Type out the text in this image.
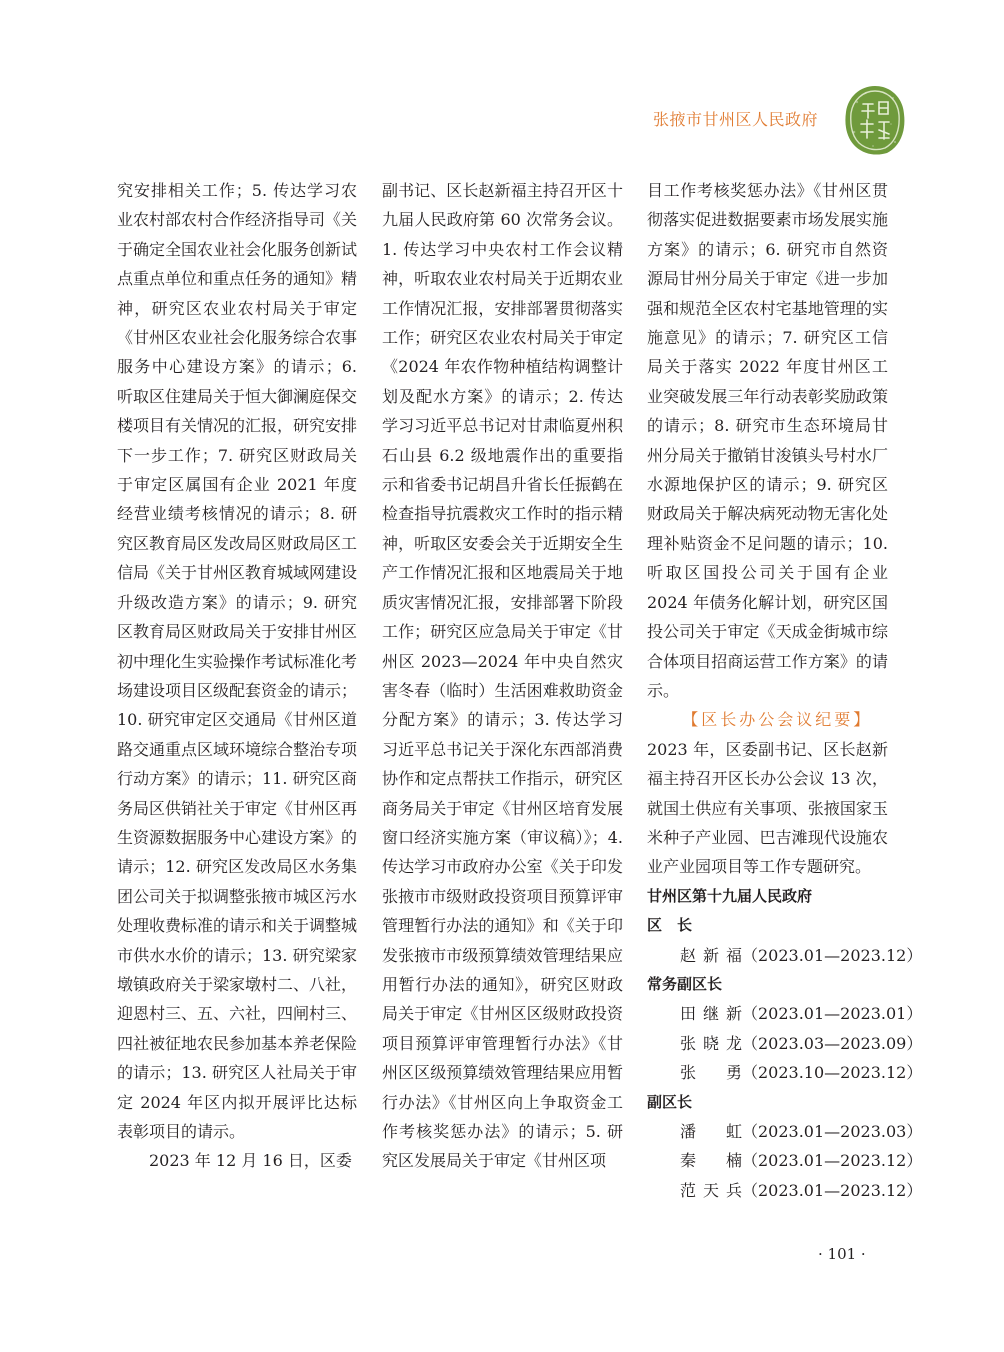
张掖市甘州区人民政府

究安排相关工作；5. 传达学习农业农村部农村合作经济指导司《关于确定全国农业社会化服务创新试点重点单位和重点任务的通知》精神，研究区农业农村局关于审定《甘州区农业社会化服务综合农事服务中心建设方案》的请示；6. 听取区住建局关于恒大御澜庭保交楼项目有关情况的汇报，研究安排下一步工作；7. 研究区财政局关于审定区属国有企业 2021 年度经营业绩考核情况的请示；8. 研究区教育局区发改局区财政局区工信局《关于甘州区教育城域网建设升级改造方案》的请示；9. 研究区教育局区财政局关于安排甘州区初中理化生实验操作考试标准化考场建设项目区级配套资金的请示；10. 研究审定区交通局《甘州区道路交通重点区域环境综合整治专项行动方案》的请示；11. 研究区商务局区供销社关于审定《甘州区再生资源数据服务中心建设方案》的请示；12. 研究区发改局区水务集团公司关于拟调整张掖市城区污水处理收费标准的请示和关于调整城市供水水价的请示；13. 研究梁家墩镇政府关于梁家墩村二、八社，迎恩村三、五、六社，四闸村三、四社被征地农民参加基本养老保险的请示；13. 研究区人社局关于审定 2024 年区内拟开展评比达标表彰项目的请示。

2023 年 12 月 16 日，区委

副书记、区长赵新福主持召开区十九届人民政府第 60 次常务会议。1. 传达学习中央农村工作会议精神，听取农业农村局关于近期农业工作情况汇报，安排部署贯彻落实工作；研究区农业农村局关于审定《2024 年农作物种植结构调整计划及配水方案》的请示；2. 传达学习习近平总书记对甘肃临夏州积石山县 6.2 级地震作出的重要指示和省委书记胡昌升省长任振鹤在检查指导抗震救灾工作时的指示精神，听取区安委会关于近期安全生产工作情况汇报和区地震局关于地质灾害情况汇报，安排部署下阶段工作；研究区应急局关于审定《甘州区 2023—2024 年中央自然灾害冬春（临时）生活困难救助资金分配方案》的请示；3. 传达学习习近平总书记关于深化东西部消费协作和定点帮扶工作指示，研究区商务局关于审定《甘州区培育发展窗口经济实施方案（审议稿）》；4. 传达学习市政府办公室《关于印发张掖市市级财政投资项目预算评审管理暂行办法的通知》和《关于印发张掖市市级预算绩效管理结果应用暂行办法的通知》，研究区财政局关于审定《甘州区区级财政投资项目预算评审管理暂行办法》《甘州区区级预算绩效管理结果应用暂行办法》《甘州区向上争取资金工作考核奖惩办法》的请示；5. 研究区发展局关于审定《甘州区项

目工作考核奖惩办法》《甘州区贯彻落实促进数据要素市场发展实施方案》的请示；6. 研究市自然资源局甘州分局关于审定《进一步加强和规范全区农村宅基地管理的实施意见》的请示；7. 研究区工信局关于落实 2022 年度甘州区工业突破发展三年行动表彰奖励政策的请示；8. 研究市生态环境局甘州分局关于撤销甘浚镇头号村水厂水源地保护区的请示；9. 研究区财政局关于解决病死动物无害化处理补贴资金不足问题的请示；10. 听取区国投公司关于国有企业 2024 年债务化解计划，研究区国投公司关于审定《天成金街城市综合体项目招商运营工作方案》的请示。

【区长办公会议纪要】

2023 年，区委副书记、区长赵新福主持召开区长办公会议 13 次，就国土供应有关事项、张掖国家玉米种子产业园、巴吉滩现代设施农业产业园项目等工作专题研究。

甘州区第十九届人民政府

区　长

赵新福（2023.01—2023.12）

常务副区长

田继新（2023.01—2023.01）

张晓龙（2023.03—2023.09）

张　勇（2023.10—2023.12）

副区长

潘　虹（2023.01—2023.03）

秦　楠（2023.01—2023.12）

范天兵（2023.01—2023.12）

· 101 ·
